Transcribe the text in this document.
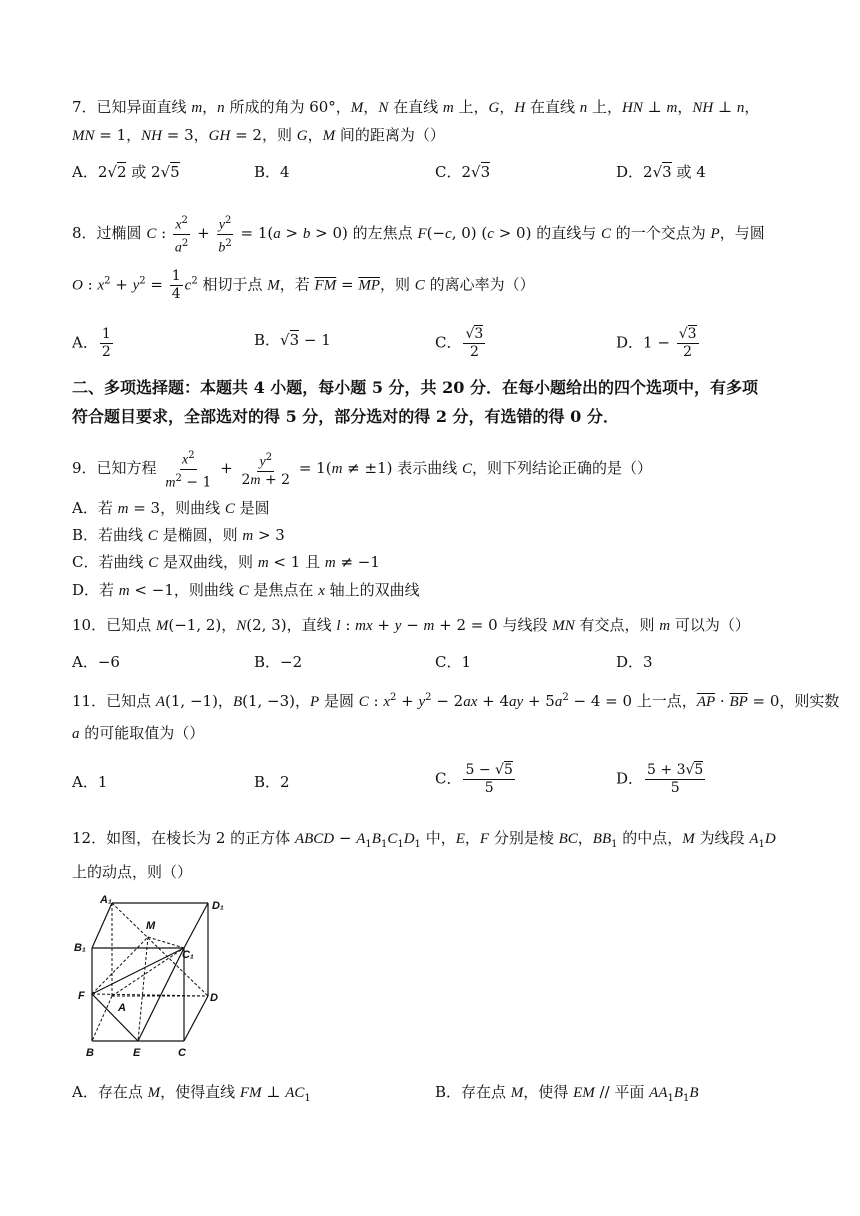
7．已知异面直线 m，n 所成的角为 60°，M，N 在直线 m 上，G，H 在直线 n 上，HN ⊥ m，NH ⊥ n，
MN = 1，NH = 3，GH = 2，则 G，M 间的距离为（）
A．2√2 或 2√5	B．4	C．2√3	D．2√3 或 4
8．过椭圆 C : $\frac{x^2}{a^2} + \frac{y^2}{b^2} = 1(a > b > 0)$ 的左焦点 F(−c, 0) (c > 0) 的直线与 C 的一个交点为 P，与圆
O : $x^2 + y^2 = \frac{1}{4} c^2$ 相切于点 M，若 $\overline{FM} = \overline{MP}$，则 C 的离心率为（）
A． $\frac{1}{2}$	B．√3 − 1	C． $\frac{√3}{2}$	D．$1 - \frac{√3}{2}$
二、多项选择题：本题共 4 小题，每小题 5 分，共 20 分．在每小题给出的四个选项中，有多项
符合题目要求，全部选对的得 5 分，部分选对的得 2 分，有选错的得 0 分．
9．已知方程 $\frac{x^2}{m^2 - 1} + \frac{y^2}{2m + 2} = 1(m \ne \pm 1)$ 表示曲线 C，则下列结论正确的是（）
A．若 m = 3，则曲线 C 是圆
B．若曲线 C 是椭圆，则 m > 3
C．若曲线 C 是双曲线，则 m < 1 且 m ≠ −1
D．若 m < −1，则曲线 C 是焦点在 x 轴上的双曲线
10．已知点 M(−1, 2)，N(2, 3)，直线 l : mx + y − m + 2 = 0 与线段 MN 有交点，则 m 可以为（）
A．−6	B．−2	C．1	D．3
11．已知点 A(1, −1)，B(1, −3)，P 是圆 C : $x^2 + y^2 - 2ax + 4ay + 5a^2 - 4 = 0$ 上一点，$\overline{AP} \cdot \overline{BP} = 0$，则实数
a 的可能取值为（）
A．1	B．2	C． $\frac{5 - √5}{5}$	D． $\frac{5 + 3√5}{5}$
12．如图，在棱长为 2 的正方体 ABCD − $A_1B_1C_1D_1$ 中，E，F 分别是棱 BC，$BB_1$ 的中点，M 为线段 $A_1D$
上的动点，则（）
A₁	D₁
M
B₁
C₁
F	D
A
B	E	C
A．存在点 M，使得直线 FM ⊥ $AC_1$	B．存在点 M，使得 EM // 平面 $AA_1B_1B$
